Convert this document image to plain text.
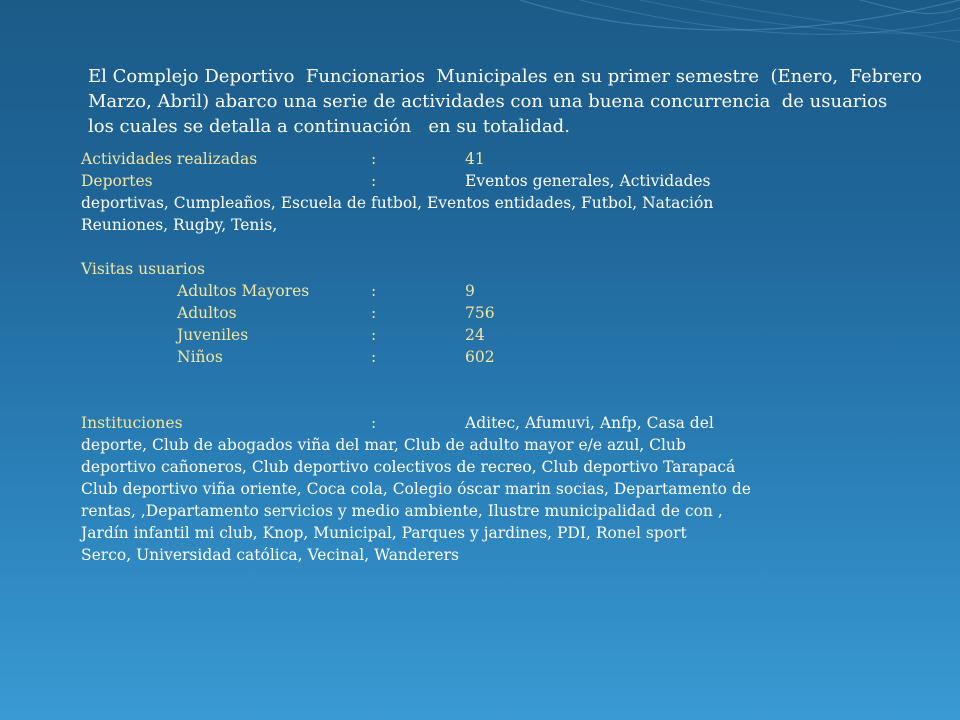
El Complejo Deportivo  Funcionarios  Municipales en su primer semestre  (Enero,  Febrero

Marzo, Abril) abarco una serie de actividades con una buena concurrencia  de usuarios

los cuales se detalla a continuación   en su totalidad.

Actividades realizadas	:	41
Deportes	:	Eventos generales, Actividades
deportivas, Cumpleaños, Escuela de futbol, Eventos entidades, Futbol, Natación
Reuniones, Rugby, Tenis,
Visitas usuarios
Adultos Mayores	:	9
Adultos	:	756
Juveniles	:	24
Niños	:	602
Instituciones	:	Aditec, Afumuvi, Anfp, Casa del
deporte, Club de abogados viña del mar, Club de adulto mayor e/e azul, Club
deportivo cañoneros, Club deportivo colectivos de recreo, Club deportivo Tarapacá
Club deportivo viña oriente, Coca cola, Colegio óscar marin socias, Departamento de
rentas, ,Departamento servicios y medio ambiente, Ilustre municipalidad de con ,
Jardín infantil mi club, Knop, Municipal, Parques y jardines, PDI, Ronel sport
Serco, Universidad católica, Vecinal, Wanderers
